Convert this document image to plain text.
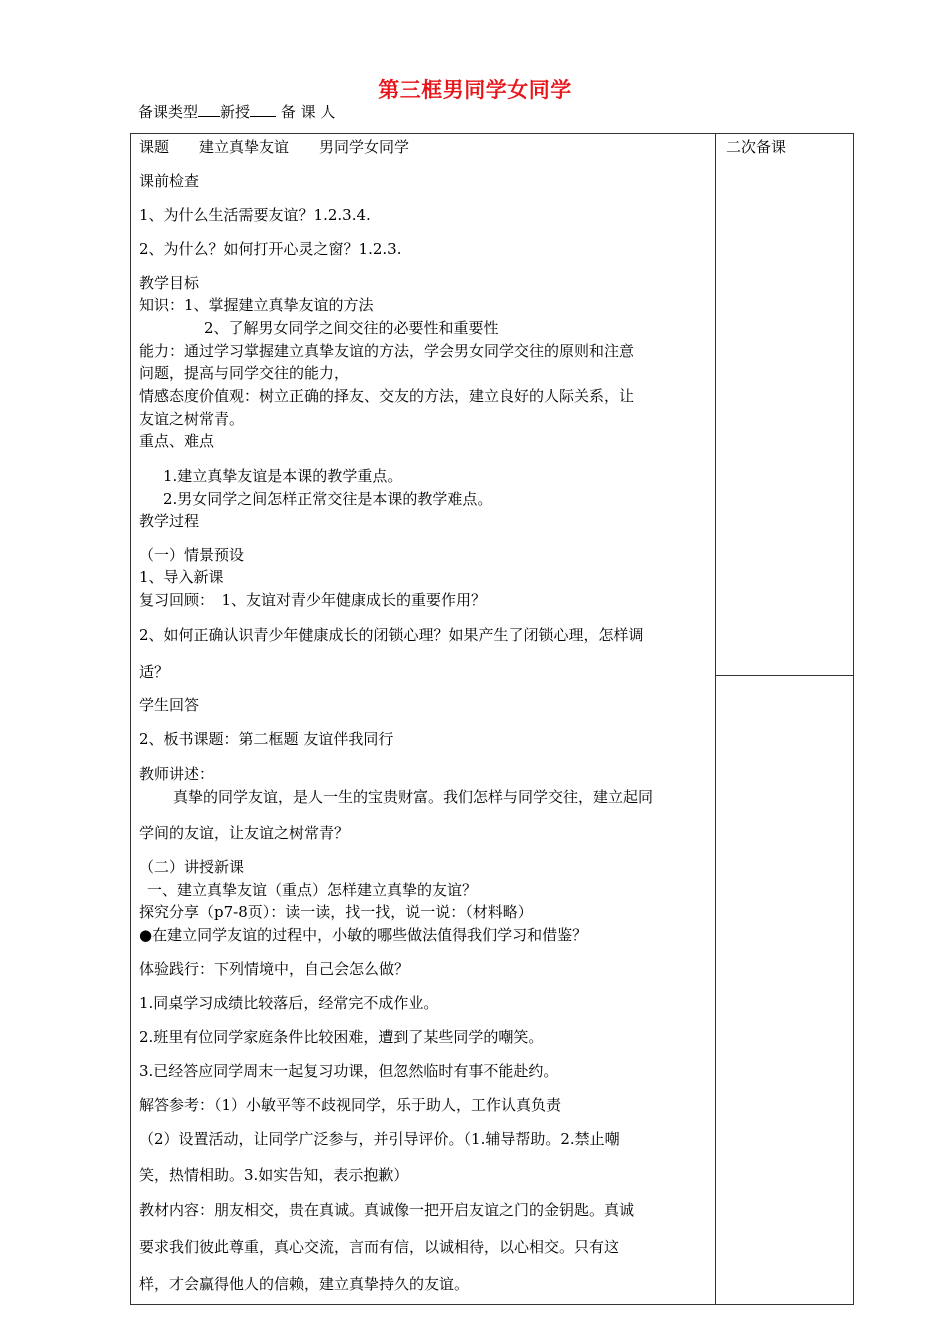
第三框男同学女同学
备课类型 新授 备 课 人
二次备课
课题　　建立真挚友谊　　男同学女同学
课前检查
1、为什么生活需要友谊？1.2.3.4.
2、为什么？如何打开心灵之窗？1.2.3.
教学目标
知识：1、掌握建立真挚友谊的方法
　　　2、了解男女同学之间交往的必要性和重要性
能力：通过学习掌握建立真挚友谊的方法，学会男女同学交往的原则和注意
问题，提高与同学交往的能力，
情感态度价值观：树立正确的择友、交友的方法，建立良好的人际关系，让
友谊之树常青。
重点、难点
1.建立真挚友谊是本课的教学重点。
2.男女同学之间怎样正常交往是本课的教学难点。
教学过程
（一）情景预设
1、导入新课
复习回顾：　1、友谊对青少年健康成长的重要作用？
2、如何正确认识青少年健康成长的闭锁心理？如果产生了闭锁心理，怎样调
适？
学生回答
2、板书课题：第二框题 友谊伴我同行
教师讲述：
真挚的同学友谊，是人一生的宝贵财富。我们怎样与同学交往，建立起同
学间的友谊，让友谊之树常青？
（二）讲授新课
一、建立真挚友谊（重点）怎样建立真挚的友谊？
探究分享（p7-8页）：读一读，找一找，说一说：（材料略）
●在建立同学友谊的过程中，小敏的哪些做法值得我们学习和借鉴？
体验践行：下列情境中，自己会怎么做？
1.同桌学习成绩比较落后，经常完不成作业。
2.班里有位同学家庭条件比较困难，遭到了某些同学的嘲笑。
3.已经答应同学周末一起复习功课，但忽然临时有事不能赴约。
解答参考：（1）小敏平等不歧视同学，乐于助人，工作认真负责
（2）设置活动，让同学广泛参与，并引导评价。（1.辅导帮助。2.禁止嘲
笑，热情相助。3.如实告知，表示抱歉）
教材内容：朋友相交，贵在真诚。真诚像一把开启友谊之门的金钥匙。真诚
要求我们彼此尊重，真心交流，言而有信，以诚相待，以心相交。只有这
样，才会赢得他人的信赖，建立真挚持久的友谊。
